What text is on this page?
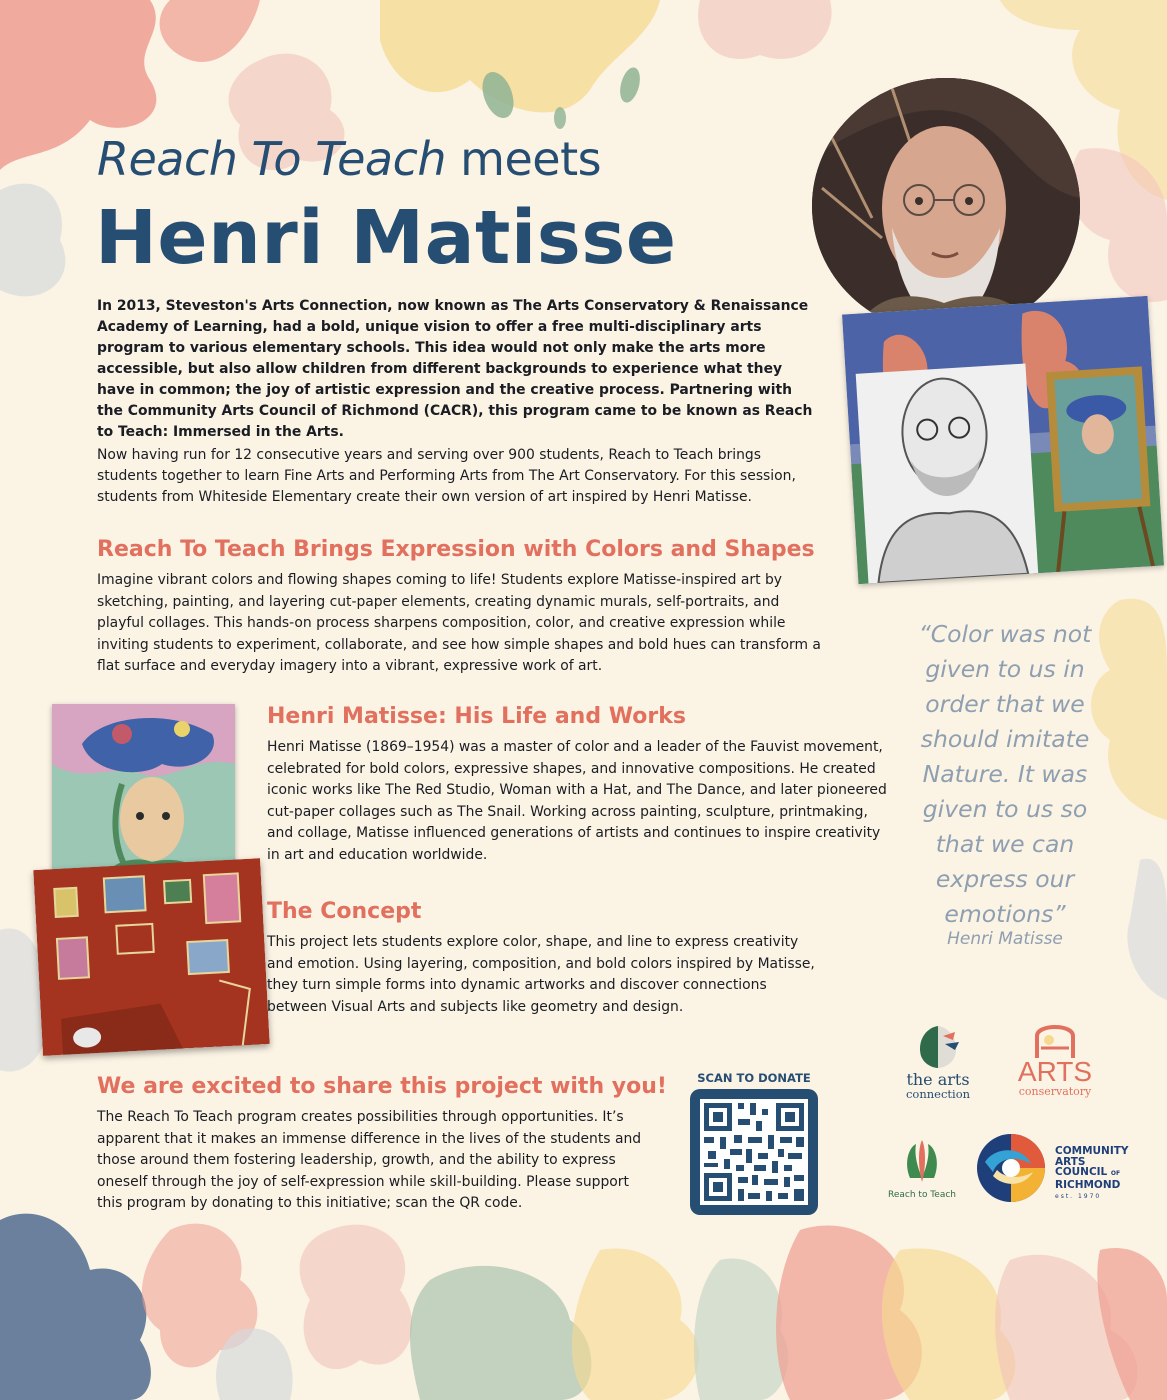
Reach To Teach meets
Henri Matisse

In 2013, Steveston's Arts Connection, now known as The Arts Conservatory & Renaissance Academy of Learning, had a bold, unique vision to offer a free multi-disciplinary arts program to various elementary schools. This idea would not only make the arts more accessible, but also allow children from different backgrounds to experience what they have in common; the joy of artistic expression and the creative process. Partnering with the Community Arts Council of Richmond (CACR), this program came to be known as Reach to Teach: Immersed in the Arts.

Now having run for 12 consecutive years and serving over 900 students, Reach to Teach brings students together to learn Fine Arts and Performing Arts from The Art Conservatory. For this session, students from Whiteside Elementary create their own version of art inspired by Henri Matisse.

Reach To Teach Brings Expression with Colors and Shapes

Imagine vibrant colors and flowing shapes coming to life! Students explore Matisse-inspired art by sketching, painting, and layering cut-paper elements, creating dynamic murals, self-portraits, and playful collages. This hands-on process sharpens composition, color, and creative expression while inviting students to experiment, collaborate, and see how simple shapes and bold hues can transform a flat surface and everyday imagery into a vibrant, expressive work of art.

Henri Matisse: His Life and Works

Henri Matisse (1869–1954) was a master of color and a leader of the Fauvist movement, celebrated for bold colors, expressive shapes, and innovative compositions. He created iconic works like The Red Studio, Woman with a Hat, and The Dance, and later pioneered cut-paper collages such as The Snail. Working across painting, sculpture, printmaking, and collage, Matisse influenced generations of artists and continues to inspire creativity in art and education worldwide.

The Concept

This project lets students explore color, shape, and line to express creativity and emotion. Using layering, composition, and bold colors inspired by Matisse, they turn simple forms into dynamic artworks and discover connections between Visual Arts and subjects like geometry and design.

We are excited to share this project with you!

The Reach To Teach program creates possibilities through opportunities. It’s apparent that it makes an immense difference in the lives of the students and those around them fostering leadership, growth, and the ability to express oneself through the joy of self-expression while skill-building. Please support this program by donating to this initiative; scan the QR code.

“Color was not given to us in order that we should imitate Nature. It was given to us so that we can express our emotions”

Henri Matisse

SCAN TO DONATE	the arts
connection
ARTS
conservatory
Reach to Teach
COMMUNITY
ARTS
COUNCIL OF
RICHMOND
est. 1970
